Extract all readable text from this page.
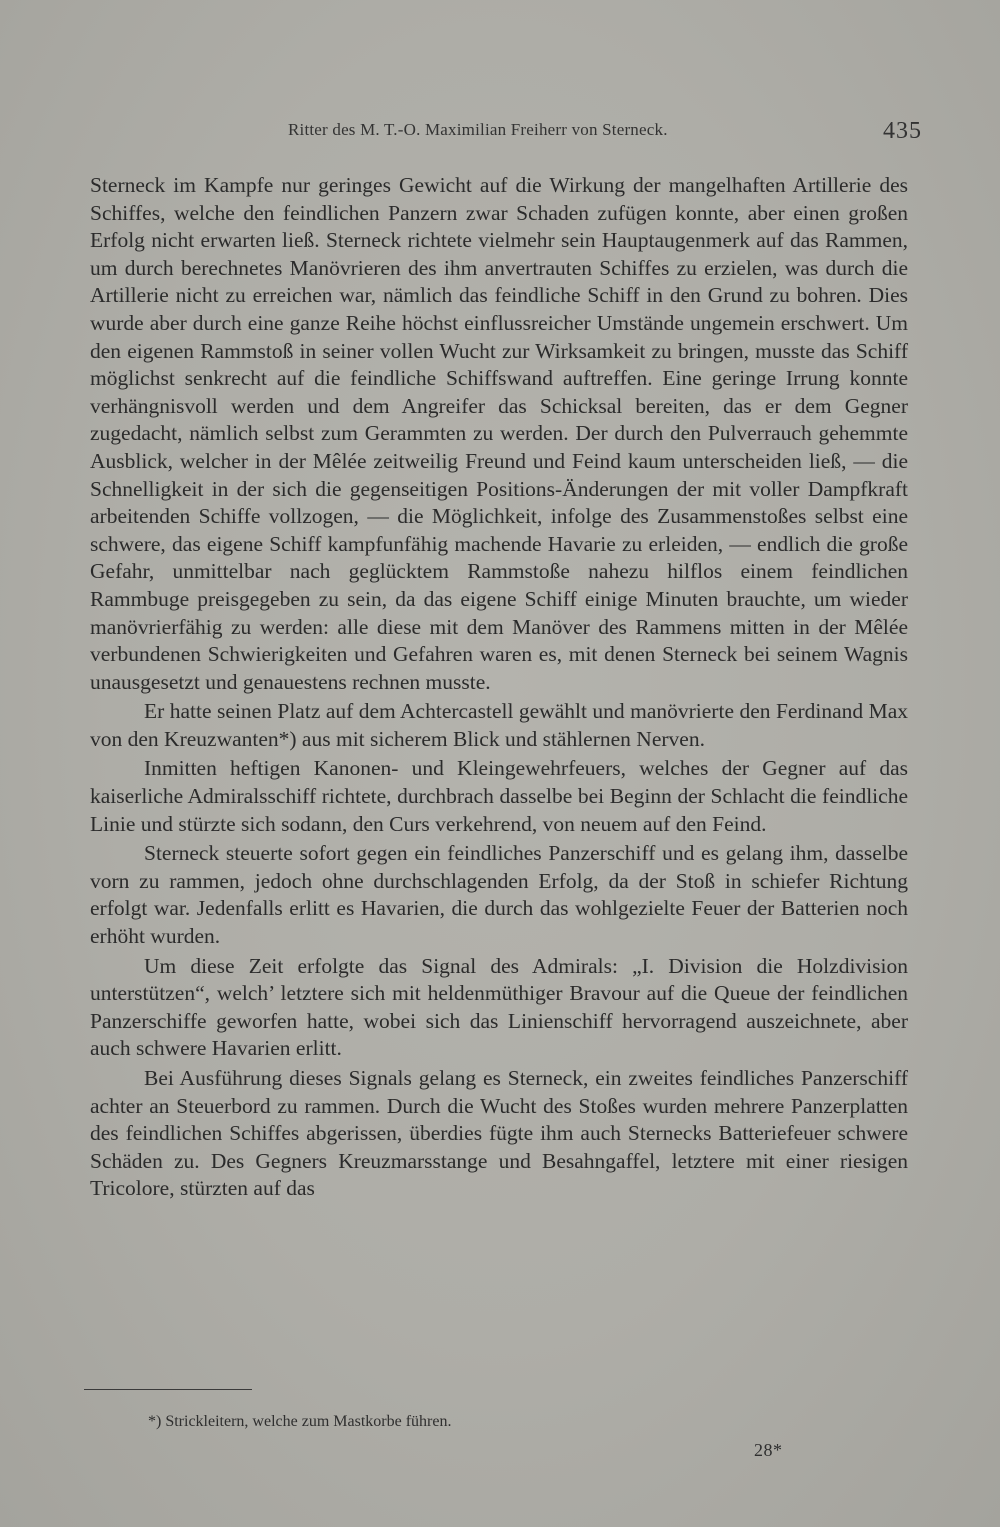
Ritter des M. T.-O. Maximilian Freiherr von Sterneck.	435

Sterneck im Kampfe nur geringes Gewicht auf die Wirkung der mangelhaften Artillerie des Schiffes, welche den feindlichen Panzern zwar Schaden zufügen konnte, aber einen großen Erfolg nicht erwarten ließ. Sterneck richtete vielmehr sein Hauptaugenmerk auf das Rammen, um durch berechnetes Manövrieren des ihm anvertrauten Schiffes zu erzielen, was durch die Artillerie nicht zu erreichen war, nämlich das feindliche Schiff in den Grund zu bohren. Dies wurde aber durch eine ganze Reihe höchst einflussreicher Umstände ungemein erschwert. Um den eigenen Rammstoß in seiner vollen Wucht zur Wirksamkeit zu bringen, musste das Schiff möglichst senkrecht auf die feindliche Schiffswand auftreffen. Eine geringe Irrung konnte verhängnisvoll werden und dem Angreifer das Schicksal bereiten, das er dem Gegner zugedacht, nämlich selbst zum Gerammten zu werden. Der durch den Pulverrauch gehemmte Ausblick, welcher in der Mêlée zeitweilig Freund und Feind kaum unterscheiden ließ, — die Schnelligkeit in der sich die gegenseitigen Positions-Änderungen der mit voller Dampfkraft arbeitenden Schiffe vollzogen, — die Möglichkeit, infolge des Zusammenstoßes selbst eine schwere, das eigene Schiff kampfunfähig machende Havarie zu erleiden, — endlich die große Gefahr, unmittelbar nach geglücktem Rammstoße nahezu hilflos einem feindlichen Rammbuge preisgegeben zu sein, da das eigene Schiff einige Minuten brauchte, um wieder manövrierfähig zu werden: alle diese mit dem Manöver des Rammens mitten in der Mêlée verbundenen Schwierigkeiten und Gefahren waren es, mit denen Sterneck bei seinem Wagnis unausgesetzt und genauestens rechnen musste.

Er hatte seinen Platz auf dem Achtercastell gewählt und manövrierte den Ferdinand Max von den Kreuzwanten*) aus mit sicherem Blick und stählernen Nerven.

Inmitten heftigen Kanonen- und Kleingewehrfeuers, welches der Gegner auf das kaiserliche Admiralsschiff richtete, durchbrach dasselbe bei Beginn der Schlacht die feindliche Linie und stürzte sich sodann, den Curs verkehrend, von neuem auf den Feind.

Sterneck steuerte sofort gegen ein feindliches Panzerschiff und es gelang ihm, dasselbe vorn zu rammen, jedoch ohne durchschlagenden Erfolg, da der Stoß in schiefer Richtung erfolgt war. Jedenfalls erlitt es Havarien, die durch das wohlgezielte Feuer der Batterien noch erhöht wurden.

Um diese Zeit erfolgte das Signal des Admirals: „I. Division die Holzdivision unterstützen“, welch’ letztere sich mit heldenmüthiger Bravour auf die Queue der feindlichen Panzerschiffe geworfen hatte, wobei sich das Linienschiff hervorragend auszeichnete, aber auch schwere Havarien erlitt.

Bei Ausführung dieses Signals gelang es Sterneck, ein zweites feindliches Panzerschiff achter an Steuerbord zu rammen. Durch die Wucht des Stoßes wurden mehrere Panzerplatten des feindlichen Schiffes abgerissen, überdies fügte ihm auch Sternecks Batteriefeuer schwere Schäden zu. Des Gegners Kreuzmarsstange und Besahngaffel, letztere mit einer riesigen Tricolore, stürzten auf das

*) Strickleitern, welche zum Mastkorbe führen.
28*
